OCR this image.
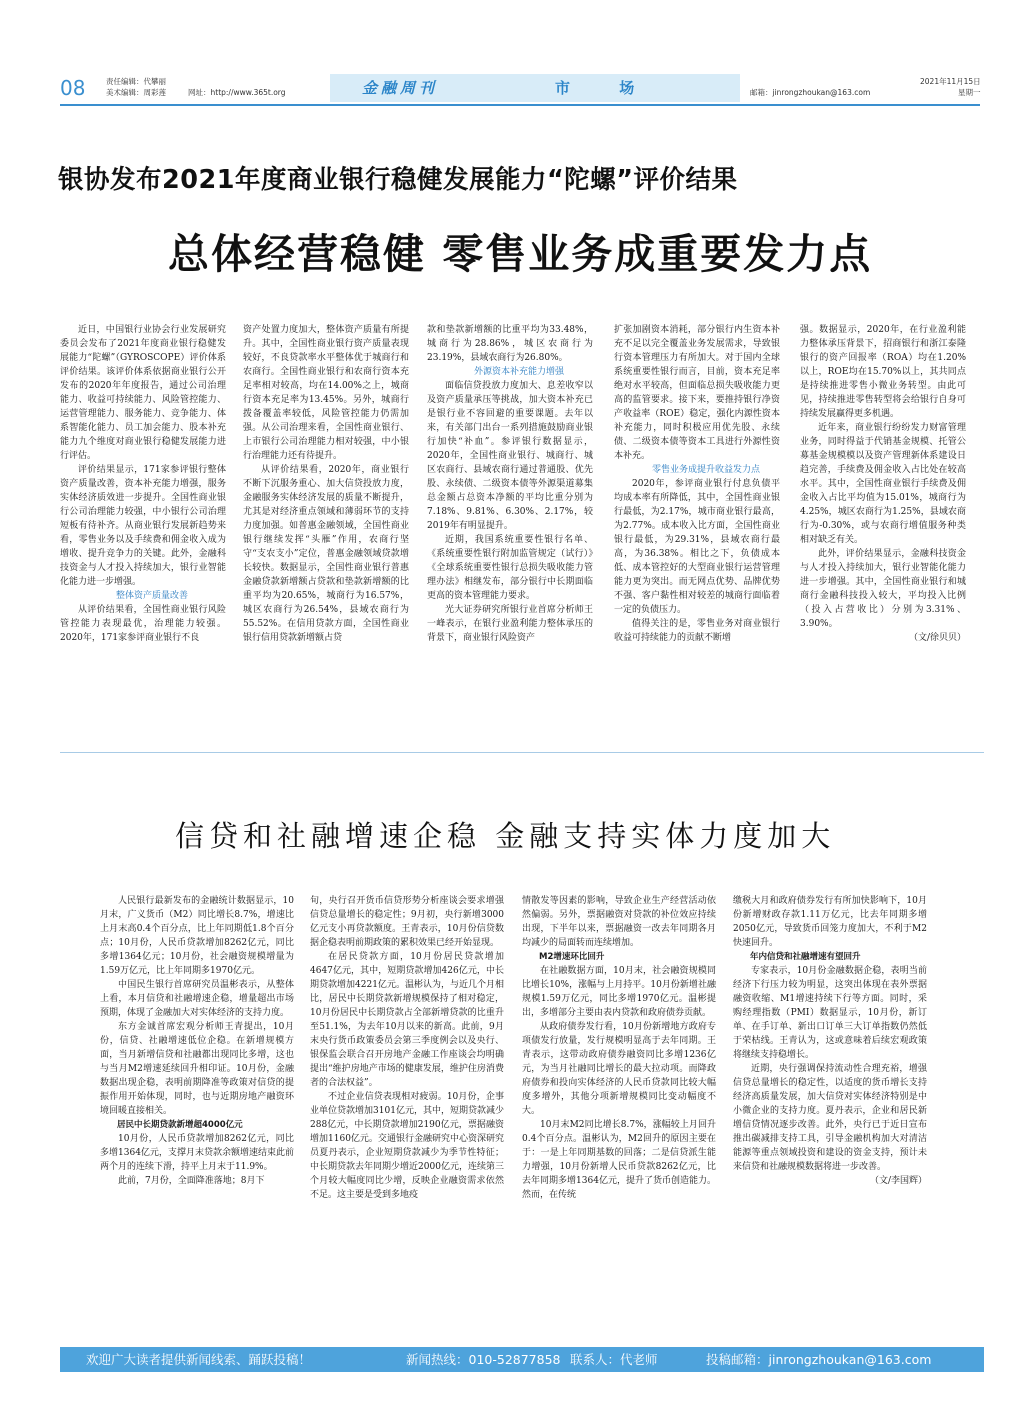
08	责任编辑：代攀丽
美术编辑：周彩莲	网址：http://www.365t.org	金融周刊	市 场	邮箱：jinrongzhoukan@163.com
2021年11月15日
星期一
银协发布2021年度商业银行稳健发展能力“陀螺”评价结果
总体经营稳健 零售业务成重要发力点

近日，中国银行业协会行业发展研究委员会发布了2021年度商业银行稳健发展能力“陀螺”（GYROSCOPE）评价体系评价结果。该评价体系依据商业银行公开发布的2020年年度报告，通过公司治理能力、收益可持续能力、风险管控能力、运营管理能力、服务能力、竞争能力、体系智能化能力、员工加会能力、股本补充能力九个维度对商业银行稳健发展能力进行评估。

评价结果显示，171家参评银行整体资产质量改善，资本补充能力增强，服务实体经济质效进一步提升。全国性商业银行公司治理能力较强，中小银行公司治理短板有待补齐。从商业银行发展新趋势来看，零售业务以及手续费和佣金收入成为增收、提升竞争力的关键。此外，金融科技资金与人才投入持续加大，银行业智能化能力进一步增强。

整体资产质量改善

从评价结果看，全国性商业银行风险管控能力表现最优，治理能力较强。2020年，171家参评商业银行不良

资产处置力度加大，整体资产质量有所提升。其中，全国性商业银行资产质量表现较好，不良贷款率水平整体优于城商行和农商行。全国性商业银行和农商行资本充足率相对较高，均在14.00%之上，城商行资本充足率为13.45%。另外，城商行拨备覆盖率较低，风险管控能力仍需加强。从公司治理来看，全国性商业银行、上市银行公司治理能力相对较强，中小银行治理能力还有待提升。

从评价结果看，2020年，商业银行不断下沉服务重心、加大信贷投放力度，金融服务实体经济发展的质量不断提升，尤其是对经济重点领域和薄弱环节的支持力度加强。如普惠金融领域，全国性商业银行继续发挥“头雁”作用，农商行坚守“支农支小”定位，普惠金融领域贷款增长较快。数据显示，全国性商业银行普惠金融贷款新增额占贷款和垫款新增额的比重平均为20.65%，城商行为16.57%，城区农商行为26.54%，县域农商行为55.52%。在信用贷款方面，全国性商业银行信用贷款新增额占贷

款和垫款新增额的比重平均为33.48%，城商行为28.86%，城区农商行为23.19%，县域农商行为26.80%。

外源资本补充能力增强

面临信贷投放力度加大、息差收窄以及资产质量承压等挑战，加大资本补充已是银行业不容回避的重要课题。去年以来，有关部门出台一系列措施鼓励商业银行加快“补血”。参评银行数据显示，2020年，全国性商业银行、城商行、城区农商行、县域农商行通过普通股、优先股、永续债、二级资本债等外源渠道募集总金额占总资本净额的平均比重分别为7.18%、9.81%、6.30%、2.17%，较2019年有明显提升。

近期，我国系统重要性银行名单、《系统重要性银行附加监管规定（试行）》《全球系统重要性银行总损失吸收能力管理办法》相继发布，部分银行中长期面临更高的资本管理能力要求。

光大证券研究所银行业首席分析师王一峰表示，在银行业盈利能力整体承压的背景下，商业银行风险资产

扩张加剧资本消耗，部分银行内生资本补充不足以完全覆盖业务发展需求，导致银行资本管理压力有所加大。对于国内全球系统重要性银行而言，目前，资本充足率绝对水平较高，但面临总损失吸收能力更高的监管要求。接下来，要推持银行净资产收益率（ROE）稳定，强化内源性资本补充能力，同时积极应用优先股、永续债、二级资本债等资本工具进行外源性资本补充。

零售业务成提升收益发力点

2020年，参评商业银行付息负债平均成本率有所降低，其中，全国性商业银行最低，为2.17%，城市商业银行最高，为2.77%。成本收入比方面，全国性商业银行最低，为29.31%，县域农商行最高，为36.38%。相比之下，负债成本低、成本管控好的大型商业银行运营管理能力更为突出。而无网点优势、品牌优势不强、客户黏性相对较差的城商行面临着一定的负债压力。

值得关注的是，零售业务对商业银行收益可持续能力的贡献不断增

强。数据显示，2020年，在行业盈利能力整体承压背景下，招商银行和浙江泰隆银行的资产回报率（ROA）均在1.20%以上，ROE均在15.70%以上，其共同点是持续推进零售小微业务转型。由此可见，持续推进零售转型将会给银行自身可持续发展赢得更多机遇。

近年来，商业银行纷纷发力财富管理业务，同时得益于代销基金规模、托管公募基金规模模以及资产管理新体系建设日趋完善，手续费及佣金收入占比处在较高水平。其中，全国性商业银行手续费及佣金收入占比平均值为15.01%，城商行为4.25%，城区农商行为1.25%，县域农商行为-0.30%，或与农商行增值服务种类相对缺乏有关。

此外，评价结果显示，金融科技资金与人才投入持续加大，银行业智能化能力进一步增强。其中，全国性商业银行和城商行金融科技投入较大，平均投入比例（投入占营收比）分别为3.31%、3.90%。

（文/徐贝贝）

信贷和社融增速企稳 金融支持实体力度加大

人民银行最新发布的金融统计数据显示，10月末，广义货币（M2）同比增长8.7%，增速比上月末高0.4个百分点，比上年同期低1.8个百分点；10月份，人民币贷款增加8262亿元，同比多增1364亿元；10月份，社会融资规模增量为1.59万亿元，比上年同期多1970亿元。

中国民生银行首席研究员温彬表示，从整体上看，本月信贷和社融增速企稳，增量超出市场预期，体现了金融加大对实体经济的支持力度。

东方金诚首席宏观分析师王青提出，10月份，信贷、社融增速低位企稳。在新增规模方面，当月新增信贷和社融都出现同比多增，这也与当月M2增速延续回升相印证。10月份，金融数据出现企稳，表明前期降准等政策对信贷的提振作用开始体现，同时，也与近期房地产融资环境回暖直接相关。

居民中长期贷款新增超4000亿元

10月份，人民币贷款增加8262亿元，同比多增1364亿元，支撑月末贷款余额增速结束此前两个月的连续下滑，持平上月末于11.9%。

此前，7月份，全面降准落地；8月下

旬，央行召开货币信贷形势分析座谈会要求增强信贷总量增长的稳定性；9月初，央行新增3000亿元支小再贷款额度。王青表示，10月份信贷数据企稳表明前期政策的累积效果已经开始显现。

在居民贷款方面，10月份居民贷款增加4647亿元，其中，短期贷款增加426亿元，中长期贷款增加4221亿元。温彬认为，与近几个月相比，居民中长期贷款新增规模保持了相对稳定，10月份居民中长期贷款占全部新增贷款的比重升至51.1%，为去年10月以来的新高。此前，9月末央行货币政策委员会第三季度例会以及央行、银保监会联合召开房地产金融工作座谈会均明确提出“维护房地产市场的健康发展，维护住房消费者的合法权益”。

不过企业信贷表现相对疲弱。10月份，企事业单位贷款增加3101亿元，其中，短期贷款减少288亿元，中长期贷款增加2190亿元，票据融资增加1160亿元。交通银行金融研究中心资深研究员夏丹表示，企业短期贷款减少为季节性特征；中长期贷款去年同期少增近2000亿元，连续第三个月较大幅度同比少增，反映企业融资需求依然不足。这主要是受到多地疫

情散发等因素的影响，导致企业生产经营活动依然偏弱。另外，票据融资对贷款的补位效应持续出现，下半年以来，票据融资一改去年同期各月均减少的局面转而连续增加。

M2增速环比回升

在社融数据方面，10月末，社会融资规模同比增长10%，涨幅与上月持平。10月份新增社融规模1.59万亿元，同比多增1970亿元。温彬提出，多增部分主要由表内贷款和政府债券贡献。

从政府债券发行看，10月份新增地方政府专项债发行放量，发行规模明显高于去年同期。王青表示，这带动政府债券融资同比多增1236亿元，为当月社融同比增长的最大拉动项。而降政府债券和投向实体经济的人民币贷款同比较大幅度多增外，其他分项新增规模同比变动幅度不大。

10月末M2同比增长8.7%，涨幅较上月回升0.4个百分点。温彬认为，M2回升的原因主要在于：一是上年同期基数的回落；二是信贷派生能力增强，10月份新增人民币贷款8262亿元，比去年同期多增1364亿元，提升了货币创造能力。然而，在传统

缴税大月和政府债券发行有所加快影响下，10月份新增财政存款1.11万亿元，比去年同期多增2050亿元，导致货币回笼力度加大，不利于M2快速回升。

年内信贷和社融增速有望回升

专家表示，10月份金融数据企稳，表明当前经济下行压力较为明显，这突出体现在表外票据融资收缩、M1增速持续下行等方面。同时，采购经理指数（PMI）数据显示，10月份，新订单、在手订单、新出口订单三大订单指数仍然低于荣枯线。王青认为，这或意味着后续宏观政策将继续支持稳增长。

近期，央行强调保持流动性合理充裕，增强信贷总量增长的稳定性，以适度的货币增长支持经济高质量发展，加大信贷对实体经济特别是中小微企业的支持力度。夏丹表示，企业和居民新增信贷情况逐步改善。此外，央行已于近日宣布推出碳减排支持工具，引导金融机构加大对清洁能源等重点领域投资和建设的资金支持，预计未来信贷和社融规模数据将进一步改善。

（文/李国辉）

欢迎广大读者提供新闻线索、踊跃投稿！	新闻热线：010-52877858 联系人：代老师	投稿邮箱：jinrongzhoukan@163.com
